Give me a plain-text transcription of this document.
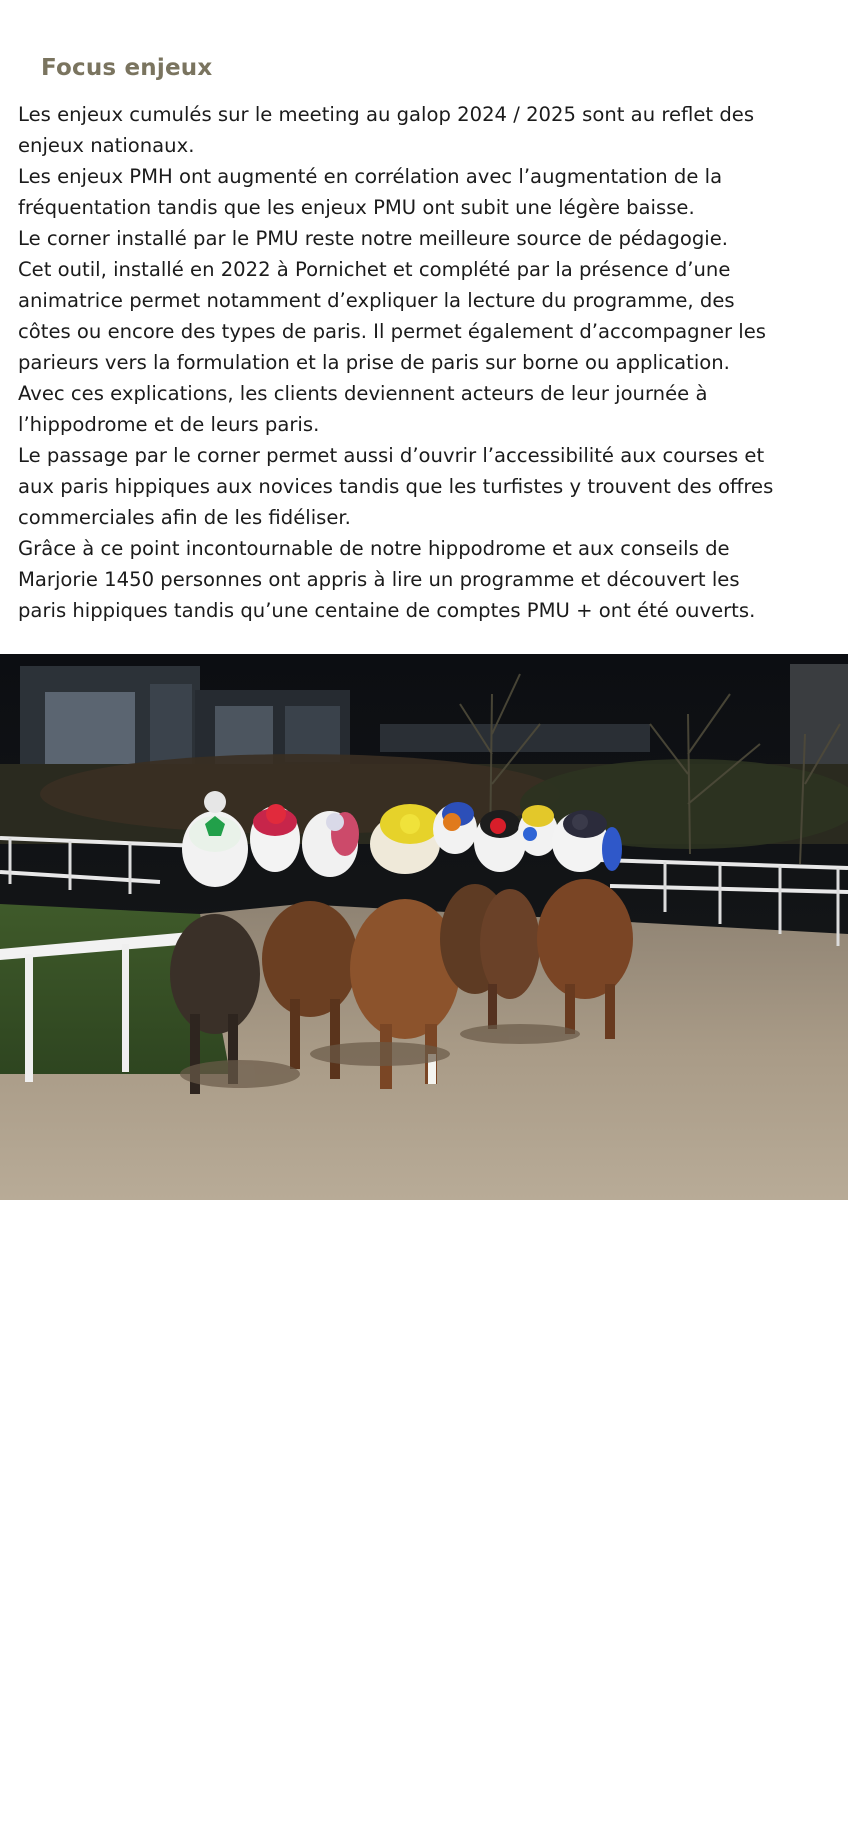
Focus enjeux
Les enjeux cumulés sur le meeting au galop 2024 / 2025 sont au reflet des
enjeux nationaux.
Les enjeux PMH ont augmenté en corrélation avec l’augmentation de la
fréquentation tandis que les enjeux PMU ont subit une légère baisse.
Le corner installé par le PMU reste notre meilleure source de pédagogie.
Cet outil, installé en 2022 à Pornichet et complété par la présence d’une
animatrice permet notamment d’expliquer la lecture du programme, des
côtes ou encore des types de paris. Il permet également d’accompagner les
parieurs vers la formulation et la prise de paris sur borne ou application.
Avec ces explications, les clients deviennent acteurs de leur journée à
l’hippodrome et de leurs paris.
Le passage par le corner permet aussi d’ouvrir l’accessibilité aux courses et
aux paris hippiques aux novices tandis que les turfistes y trouvent des offres
commerciales afin de les fidéliser.
Grâce à ce point incontournable de notre hippodrome et aux conseils de
Marjorie 1450 personnes ont appris à lire un programme et découvert les
paris hippiques tandis qu’une centaine de comptes PMU + ont été ouverts.
HIPPODROME
PORNICHET
